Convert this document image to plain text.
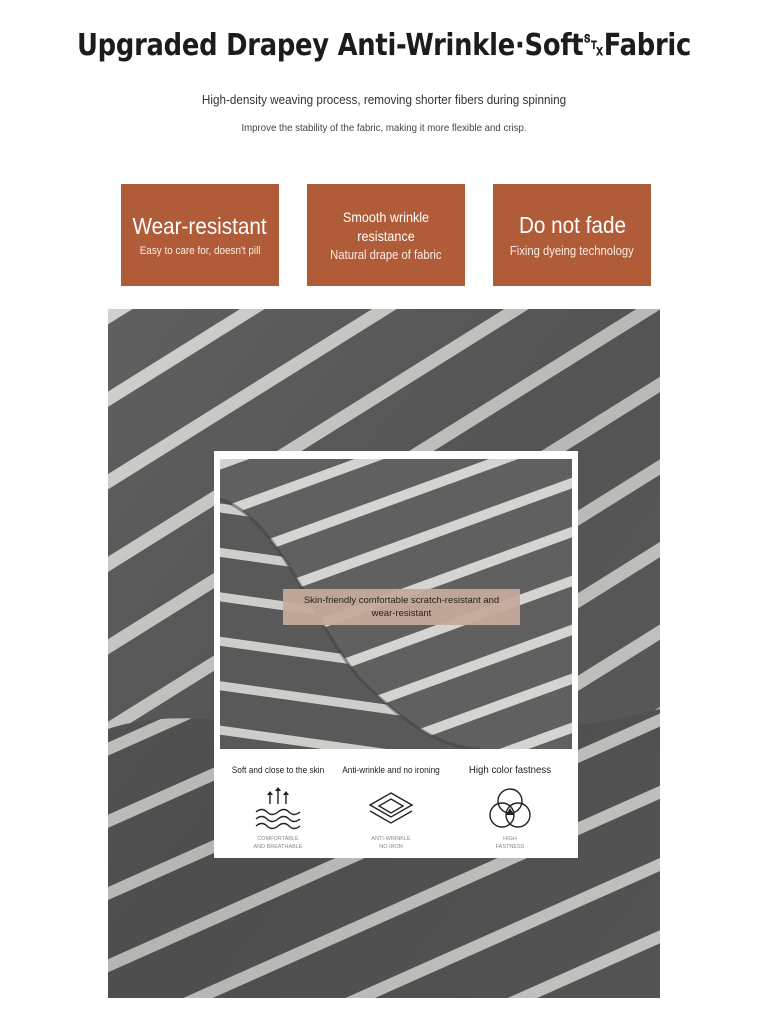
Upgraded Drapey Anti-Wrinkle·Soft␂Fabric
High-density weaving process, removing shorter fibers during spinning
Improve the stability of the fabric, making it more flexible and crisp.
Wear-resistant
Easy to care for, doesn't pill
Smooth wrinkle resistance
Natural drape of fabric
Do not fade
Fixing dyeing technology
Skin-friendly comfortable scratch-resistant and wear-resistant
Soft and close to the skin
COMFORTABLE
AND BREATHABLE
Anti-wrinkle and no ironing
ANTI-WRINKLE
NO IRON
High color fastness
HIGH
FASTNESS
